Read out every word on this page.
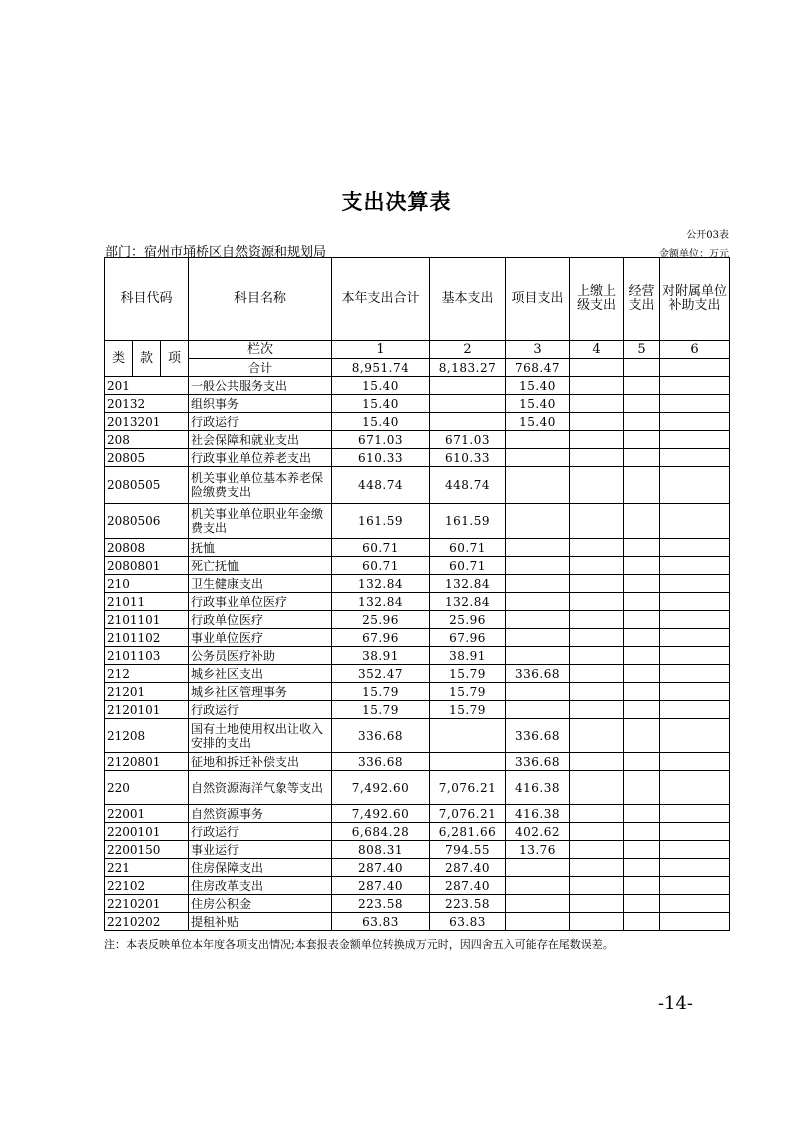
支出决算表
公开03表
部门：宿州市埇桥区自然资源和规划局	金额单位：万元
科目代码			科目名称	本年支出合计	基本支出	项目支出	上缴上级支出	经营支出	对附属单位补助支出
类	款	项	栏次	1	2	3	4	5	6
			合计	8,951.74	8,183.27	768.47			
201			一般公共服务支出	15.40		15.40			
20132			组织事务	15.40		15.40			
2013201			行政运行	15.40		15.40			
208			社会保障和就业支出	671.03	671.03				
20805			行政事业单位养老支出	610.33	610.33				
2080505			机关事业单位基本养老保险缴费支出	448.74	448.74				
2080506			机关事业单位职业年金缴费支出	161.59	161.59				
20808			抚恤	60.71	60.71				
2080801			死亡抚恤	60.71	60.71				
210			卫生健康支出	132.84	132.84				
21011			行政事业单位医疗	132.84	132.84				
2101101			行政单位医疗	25.96	25.96				
2101102			事业单位医疗	67.96	67.96				
2101103			公务员医疗补助	38.91	38.91				
212			城乡社区支出	352.47	15.79	336.68			
21201			城乡社区管理事务	15.79	15.79				
2120101			行政运行	15.79	15.79				
21208			国有土地使用权出让收入安排的支出	336.68		336.68			
2120801			征地和拆迁补偿支出	336.68		336.68			
220			自然资源海洋气象等支出	7,492.60	7,076.21	416.38			
22001			自然资源事务	7,492.60	7,076.21	416.38			
2200101			行政运行	6,684.28	6,281.66	402.62			
2200150			事业运行	808.31	794.55	13.76			
221			住房保障支出	287.40	287.40				
22102			住房改革支出	287.40	287.40				
2210201			住房公积金	223.58	223.58				
2210202			提租补贴	63.83	63.83				
注：本表反映单位本年度各项支出情况;本套报表金额单位转换成万元时，因四舍五入可能存在尾数误差。
-14-
